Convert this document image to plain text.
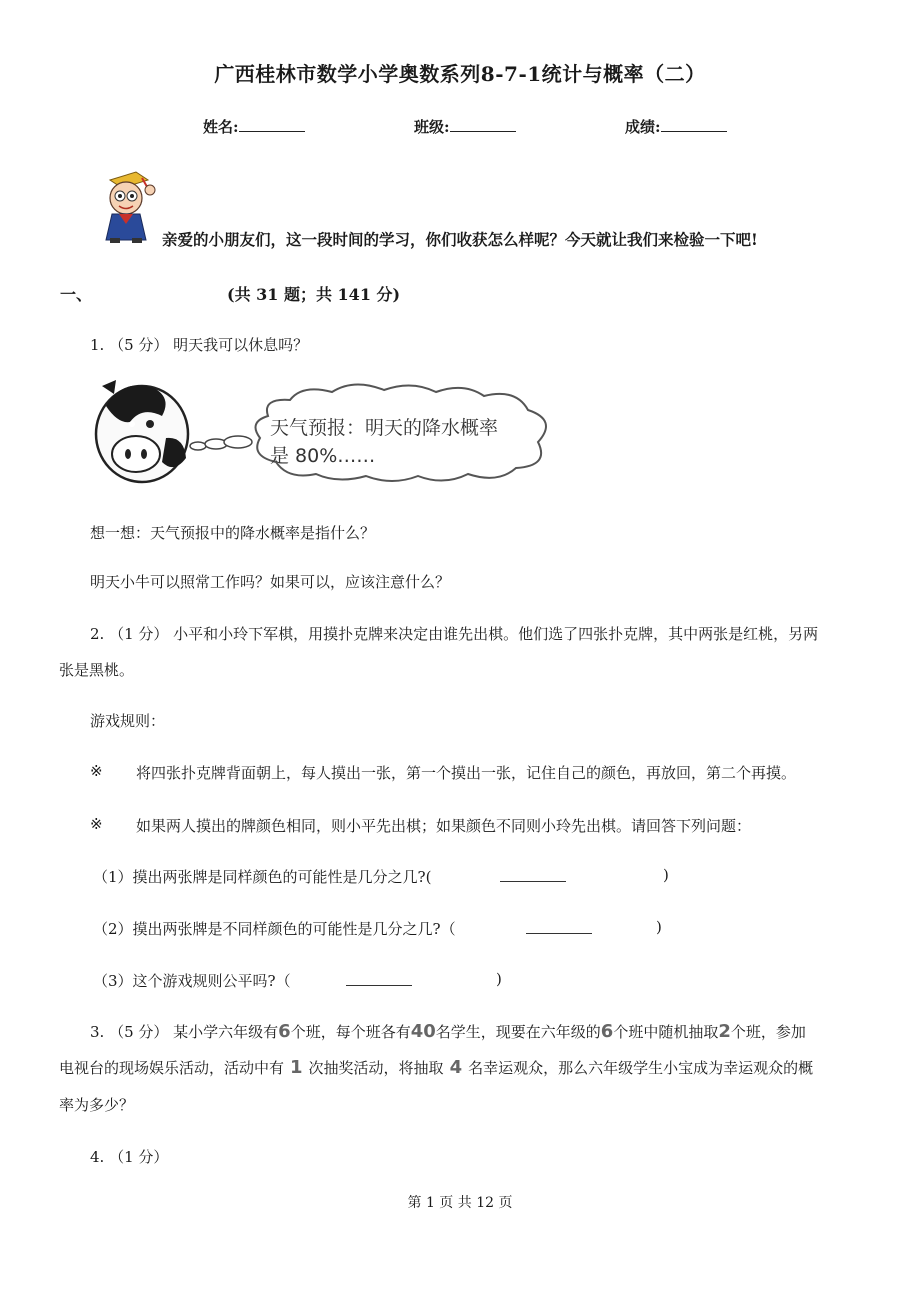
广西桂林市数学小学奥数系列8-7-1统计与概率（二）
姓名:	班级:	成绩:
亲爱的小朋友们，这一段时间的学习，你们收获怎么样呢？今天就让我们来检验一下吧!
一、	(共 31 题；共 141 分)
1. （5 分） 明天我可以休息吗？
天气预报：明天的降水概率
是 80%……
想一想：天气预报中的降水概率是指什么？
明天小牛可以照常工作吗？如果可以，应该注意什么？
2. （1 分） 小平和小玲下军棋，用摸扑克牌来决定由谁先出棋。他们选了四张扑克牌，其中两张是红桃，另两
张是黑桃。
游戏规则：
※ 将四张扑克牌背面朝上，每人摸出一张，第一个摸出一张，记住自己的颜色，再放回，第二个再摸。
※ 如果两人摸出的牌颜色相同，则小平先出棋；如果颜色不同则小玲先出棋。请回答下列问题：
（1）摸出两张牌是同样颜色的可能性是几分之几?(	)
（2）摸出两张牌是不同样颜色的可能性是几分之几?（	)
（3）这个游戏规则公平吗?（	)
3. （5 分） 某小学六年级有6个班，每个班各有40名学生，现要在六年级的6个班中随机抽取2个班，参加
电视台的现场娱乐活动，活动中有 1 次抽奖活动，将抽取 4 名幸运观众，那么六年级学生小宝成为幸运观众的概
率为多少？
4. （1 分）
第 1 页 共 12 页
